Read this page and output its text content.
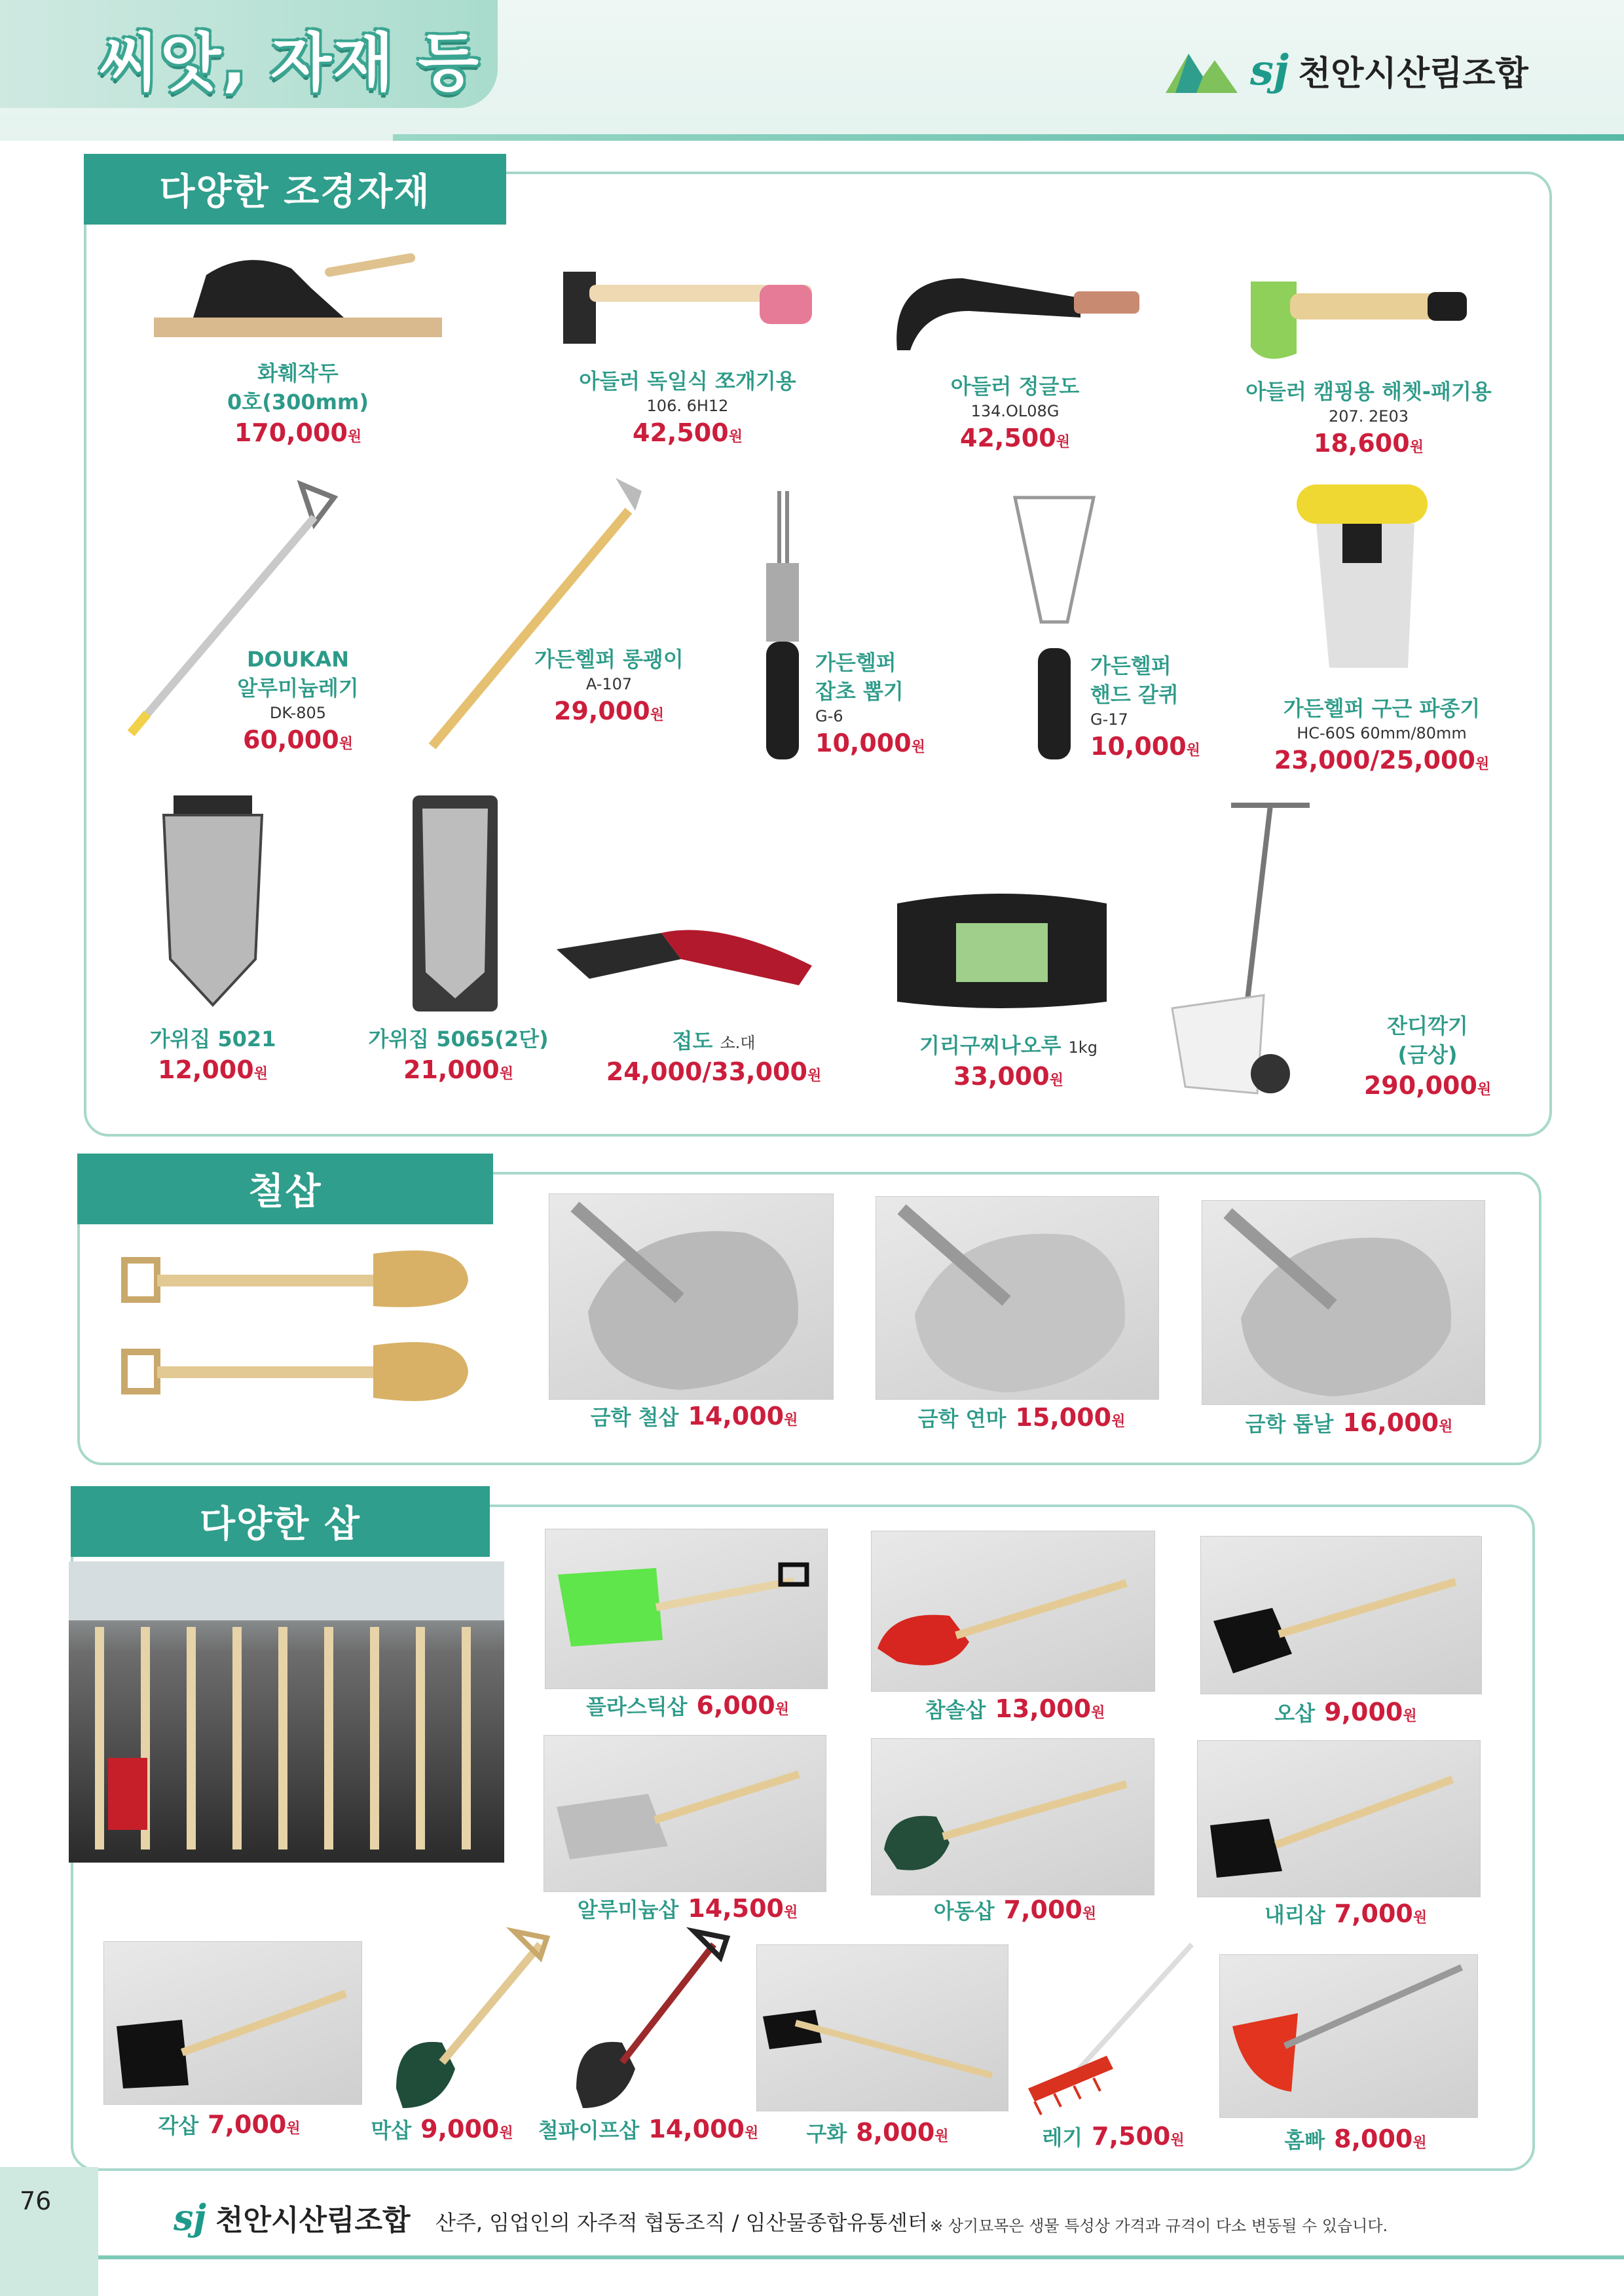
씨앗, 자재 등	sj 천안시산림조합
다양한 조경자재
화훼작두
0호(300mm)
170,000원
아들러 독일식 쪼개기용
106. 6H12
42,500원
아들러 정글도
134.OL08G
42,500원
아들러 캠핑용 해쳇-패기용
207. 2E03
18,600원
DOUKAN
알루미늄레기
DK-805
60,000원
가든헬퍼 롱괭이
A-107
29,000원
가든헬퍼
잡초 뽑기
G-6
10,000원
가든헬퍼
핸드 갈퀴
G-17
10,000원
가든헬퍼 구근 파종기
HC-60S 60mm/80mm
23,000/25,000원
가위집 5021
12,000원
가위집 5065(2단)
21,000원
접도 소.대
24,000/33,000원
기리구찌나오루 1kg
33,000원
잔디깍기
(금상)
290,000원
철삽
금학 철삽 14,000원	금학 연마 15,000원	금학 톱날 16,000원
다양한 삽
플라스틱삽 6,000원	참솔삽 13,000원	오삽 9,000원
알루미늄삽 14,500원	아동삽 7,000원	내리삽 7,000원
각삽 7,000원	막삽 9,000원	철파이프삽 14,000원	구화 8,000원	레기 7,500원	홈빠 8,000원
76	sj 천안시산림조합 산주, 임업인의 자주적 협동조직 / 임산물종합유통센터 ※ 상기묘목은 생물 특성상 가격과 규격이 다소 변동될 수 있습니다.
